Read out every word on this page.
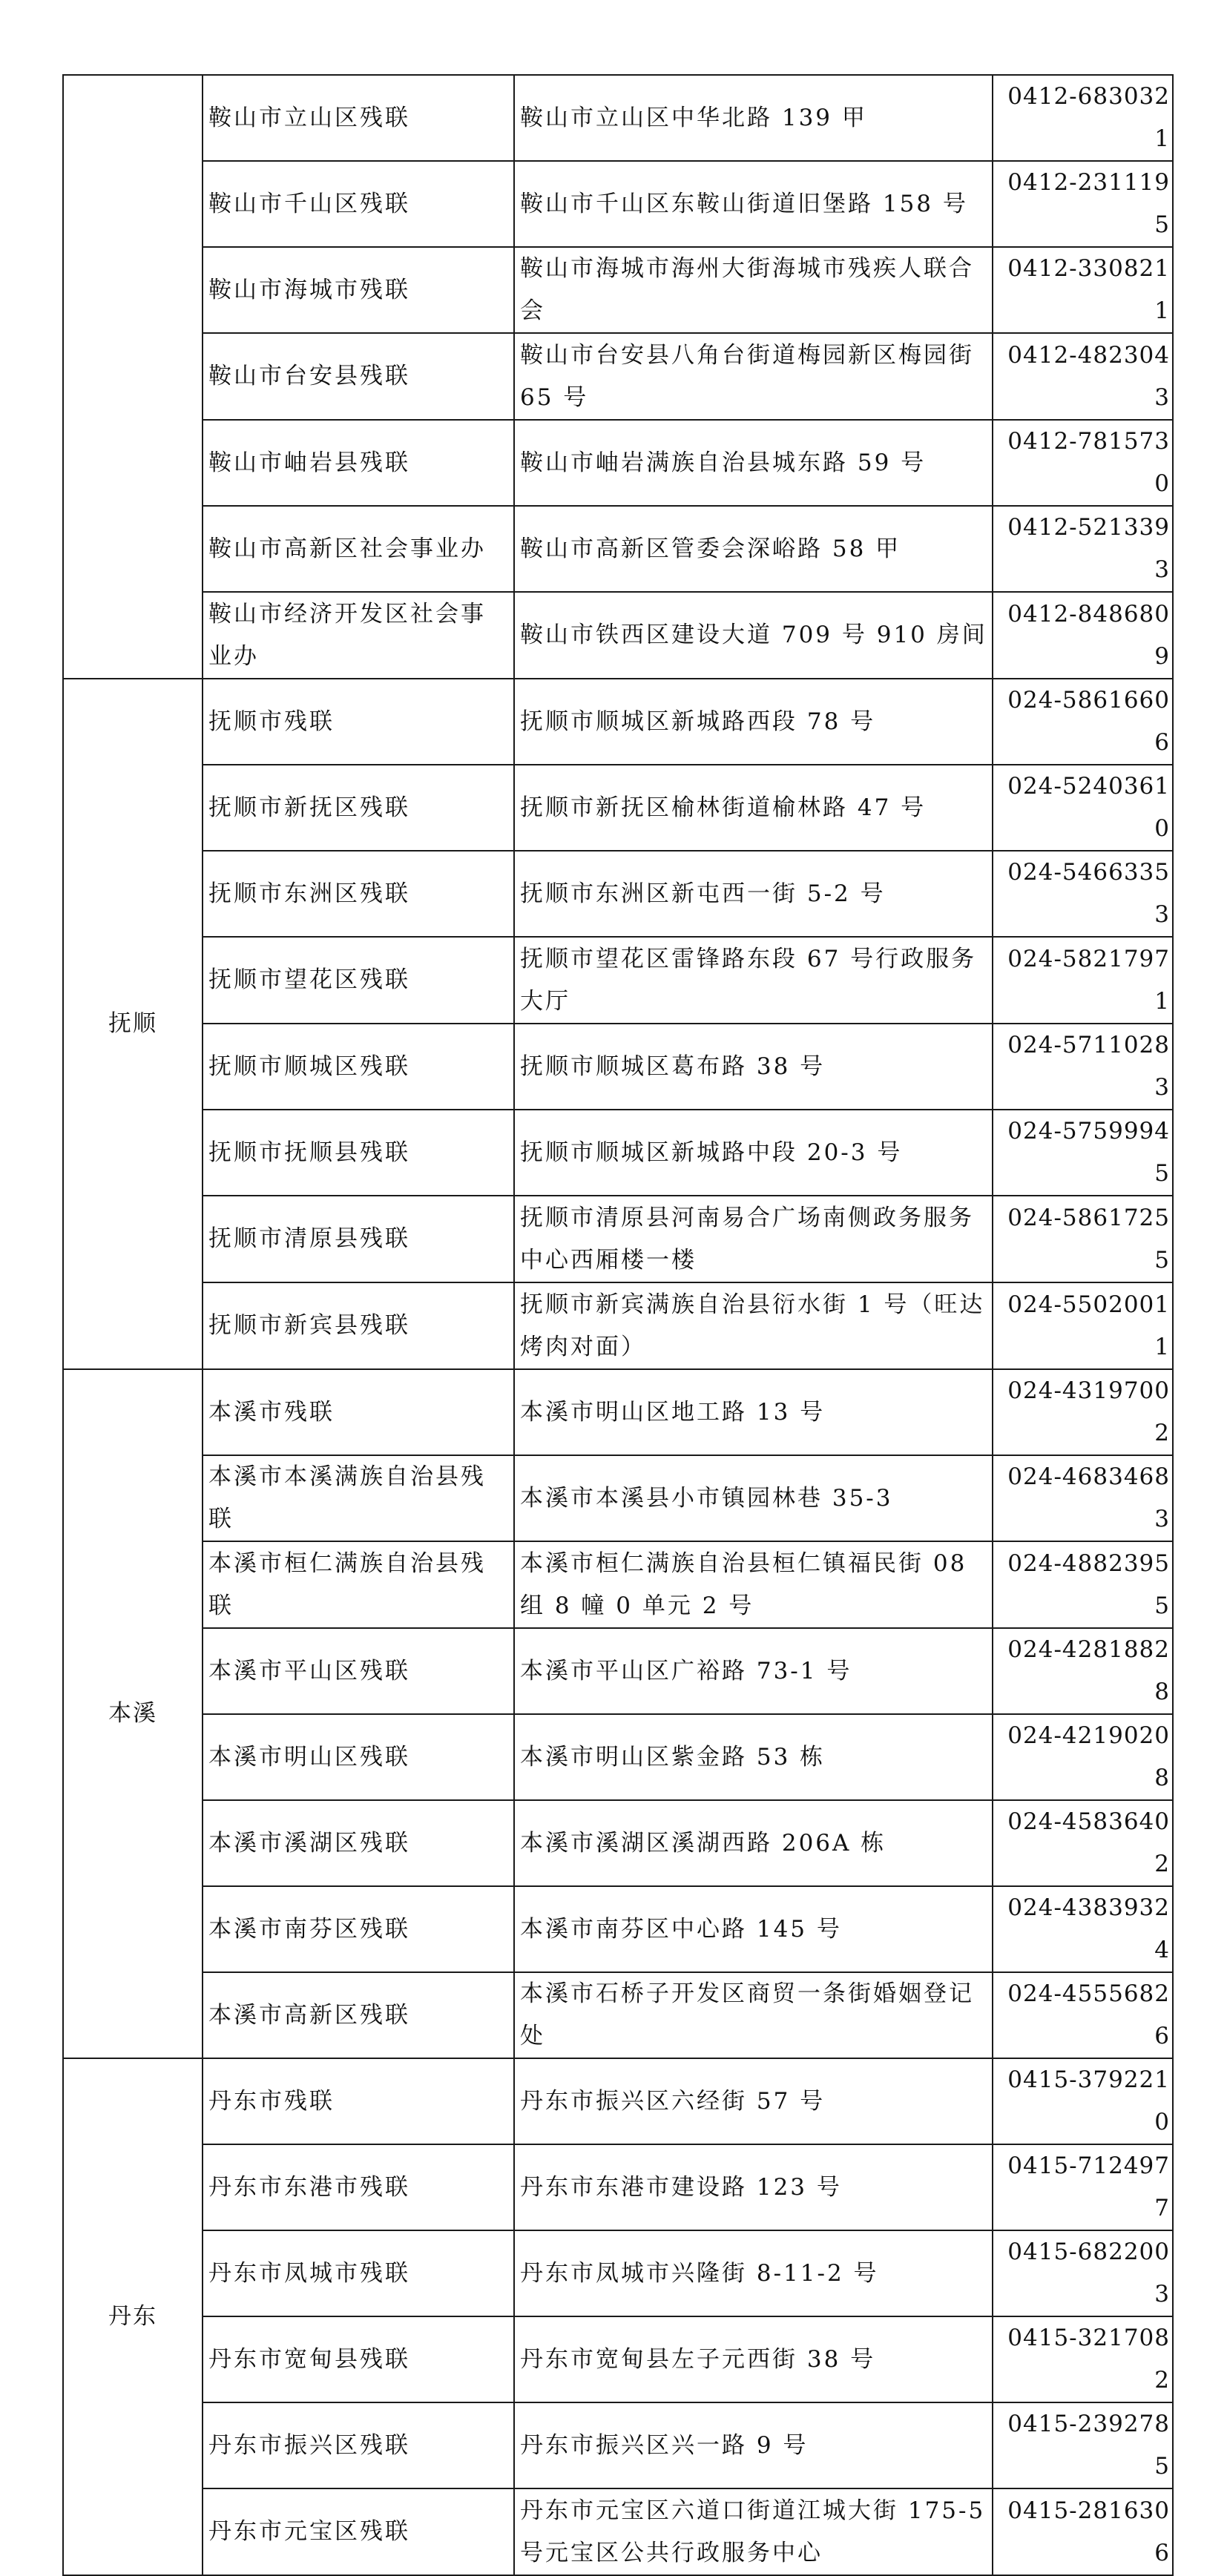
	鞍山市立山区残联	鞍山市立山区中华北路 139 甲	0412-6830321
	鞍山市千山区残联	鞍山市千山区东鞍山街道旧堡路 158 号	0412-2311195
	鞍山市海城市残联	鞍山市海城市海州大街海城市残疾人联合会	0412-3308211
	鞍山市台安县残联	鞍山市台安县八角台街道梅园新区梅园街65 号	0412-4823043
	鞍山市岫岩县残联	鞍山市岫岩满族自治县城东路 59 号	0412-7815730
	鞍山市高新区社会事业办	鞍山市高新区管委会深峪路 58 甲	0412-5213393
	鞍山市经济开发区社会事业办	鞍山市铁西区建设大道 709 号 910 房间	0412-8486809
抚顺	抚顺市残联	抚顺市顺城区新城路西段 78 号	024-58616606
	抚顺市新抚区残联	抚顺市新抚区榆林街道榆林路 47 号	024-52403610
	抚顺市东洲区残联	抚顺市东洲区新屯西一街 5-2 号	024-54663353
	抚顺市望花区残联	抚顺市望花区雷锋路东段 67 号行政服务大厅	024-58217971
	抚顺市顺城区残联	抚顺市顺城区葛布路 38 号	024-57110283
	抚顺市抚顺县残联	抚顺市顺城区新城路中段 20-3 号	024-57599945
	抚顺市清原县残联	抚顺市清原县河南易合广场南侧政务服务中心西厢楼一楼	024-58617255
	抚顺市新宾县残联	抚顺市新宾满族自治县衍水街 1 号（旺达烤肉对面）	024-55020011
本溪	本溪市残联	本溪市明山区地工路 13 号	024-43197002
	本溪市本溪满族自治县残联	本溪市本溪县小市镇园林巷 35-3	024-46834683
	本溪市桓仁满族自治县残联	本溪市桓仁满族自治县桓仁镇福民街 08 组 8 幢 0 单元 2 号	024-48823955
	本溪市平山区残联	本溪市平山区广裕路 73-1 号	024-42818828
	本溪市明山区残联	本溪市明山区紫金路 53 栋	024-42190208
	本溪市溪湖区残联	本溪市溪湖区溪湖西路 206A 栋	024-45836402
	本溪市南芬区残联	本溪市南芬区中心路 145 号	024-43839324
	本溪市高新区残联	本溪市石桥子开发区商贸一条街婚姻登记处	024-45556826
丹东	丹东市残联	丹东市振兴区六经街 57 号	0415-3792210
	丹东市东港市残联	丹东市东港市建设路 123 号	0415-7124977
	丹东市凤城市残联	丹东市凤城市兴隆街 8-11-2 号	0415-6822003
	丹东市宽甸县残联	丹东市宽甸县左子元西街 38 号	0415-3217082
	丹东市振兴区残联	丹东市振兴区兴一路 9 号	0415-2392785
	丹东市元宝区残联	丹东市元宝区六道口街道江城大街 175-5 号元宝区公共行政服务中心	0415-2816306
